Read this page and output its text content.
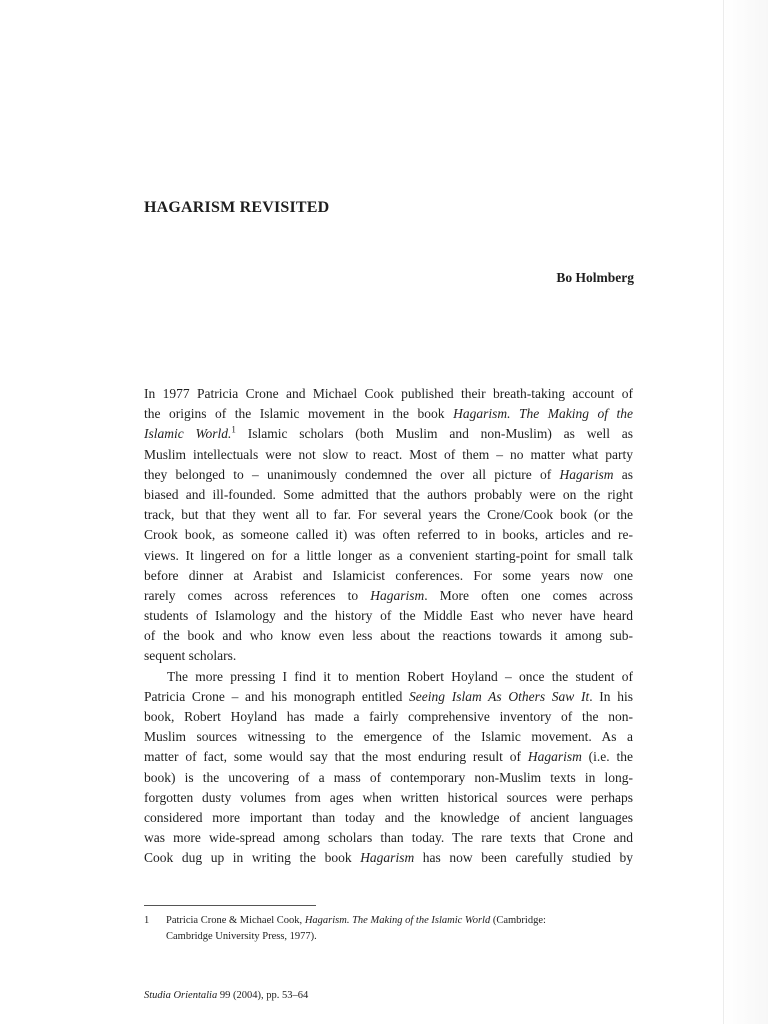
HAGARISM REVISITED

Bo Holmberg

In 1977 Patricia Crone and Michael Cook published their breath-taking account of
the origins of the Islamic movement in the book Hagarism. The Making of the
Islamic World.$^1$ Islamic scholars (both Muslim and non-Muslim) as well as
Muslim intellectuals were not slow to react. Most of them – no matter what party
they belonged to – unanimously condemned the over all picture of Hagarism as
biased and ill-founded. Some admitted that the authors probably were on the right
track, but that they went all to far. For several years the Crone/Cook book (or the
Crook book, as someone called it) was often referred to in books, articles and re-
views. It lingered on for a little longer as a convenient starting-point for small talk
before dinner at Arabist and Islamicist conferences. For some years now one
rarely comes across references to Hagarism. More often one comes across
students of Islamology and the history of the Middle East who never have heard
of the book and who know even less about the reactions towards it among sub-
sequent scholars.
The more pressing I find it to mention Robert Hoyland – once the student of
Patricia Crone – and his monograph entitled Seeing Islam As Others Saw It. In his
book, Robert Hoyland has made a fairly comprehensive inventory of the non-
Muslim sources witnessing to the emergence of the Islamic movement. As a
matter of fact, some would say that the most enduring result of Hagarism (i.e. the
book) is the uncovering of a mass of contemporary non-Muslim texts in long-
forgotten dusty volumes from ages when written historical sources were perhaps
considered more important than today and the knowledge of ancient languages
was more wide-spread among scholars than today. The rare texts that Crone and
Cook dug up in writing the book Hagarism has now been carefully studied by
1 Patricia Crone & Michael Cook, Hagarism. The Making of the Islamic World (Cambridge:
Cambridge University Press, 1977).
Studia Orientalia 99 (2004), pp. 53–64
